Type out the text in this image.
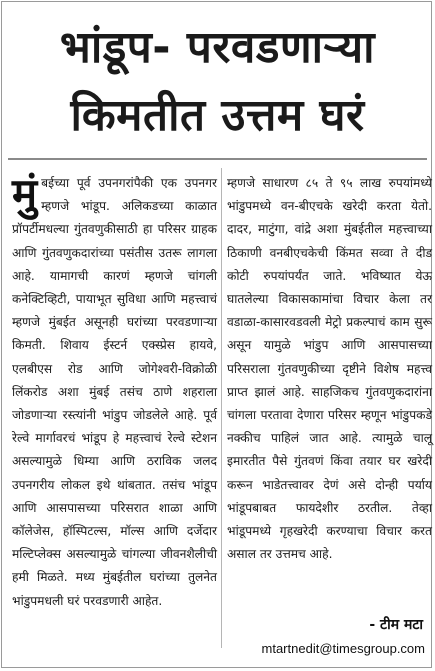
भांडूप- परवडणाऱ्या
किमतीत उत्तम घरं
मुंबईच्या पूर्व उपनगरांपैकी एक उपनगर म्हणजे भांडूप. अलिकडच्या काळात प्रॉपर्टीमधल्या गुंतवणुकीसाठी हा परिसर ग्राहक आणि गुंतवणुकदारांच्या पसंतीस उतरू लागला आहे. यामागची कारणं म्हणजे चांगली कनेक्टिव्हिटी, पायाभूत सुविधा आणि महत्त्वाचं म्हणजे मुंबईत असूनही घरांच्या परवडणाऱ्या किमती. शिवाय ईस्टर्न एक्स्प्रेस हायवे, एलबीएस रोड आणि जोगेश्वरी-विक्रोळी लिंकरोड अशा मुंबई तसंच ठाणे शहराला जोडणाऱ्या रस्त्यांनी भांडुप जोडलेले आहे. पूर्व रेल्वे मार्गावरचं भांडूप हे महत्त्वाचं रेल्वे स्टेशन असल्यामुळे धिम्या आणि ठराविक जलद उपनगरीय लोकल इथे थांबतात. तसंच भांडूप आणि आसपासच्या परिसरात शाळा आणि कॉलेजेस, हॉस्पिटल्स, मॉल्स आणि दर्जेदार मल्टिप्लेक्स असल्यामुळे चांगल्या जीवनशैलीची हमी मिळते. मध्य मुंबईतील घरांच्या तुलनेत भांडुपमधली घरं परवडणारी आहेत.
म्हणजे साधारण ८५ ते ९५ लाख रुपयांमध्ये भांडुपमध्ये वन-बीएचके खरेदी करता येतो. दादर, माटुंगा, वांद्रे अशा मुंबईतील महत्त्वाच्या ठिकाणी वनबीएचकेची किंमत सव्वा ते दीड कोटी रुपयांपर्यंत जाते. भविष्यात येऊ घातलेल्या विकासकामांचा विचार केला तर वडाळा-कासारवडवली मेट्रो प्रकल्पाचं काम सुरू असून यामुळे भांडुप आणि आसपासच्या परिसराला गुंतवणुकीच्या दृष्टीने विशेष महत्त्व प्राप्त झालं आहे. साहजिकच गुंतवणुकदारांना चांगला परतावा देणारा परिसर म्हणून भांडुपकडे नक्कीच पाहिलं जात आहे. त्यामुळे चालू इमारतीत पैसे गुंतवणं किंवा तयार घर खरेदी करून भाडेतत्त्वावर देणं असे दोन्ही पर्याय भांडूपबाबत फायदेशीर ठरतील. तेव्हा भांडूपमध्ये गृहखरेदी करण्याचा विचार करत असाल तर उत्तमच आहे.
- टीम मटा
mtartnedit@timesgroup.com
